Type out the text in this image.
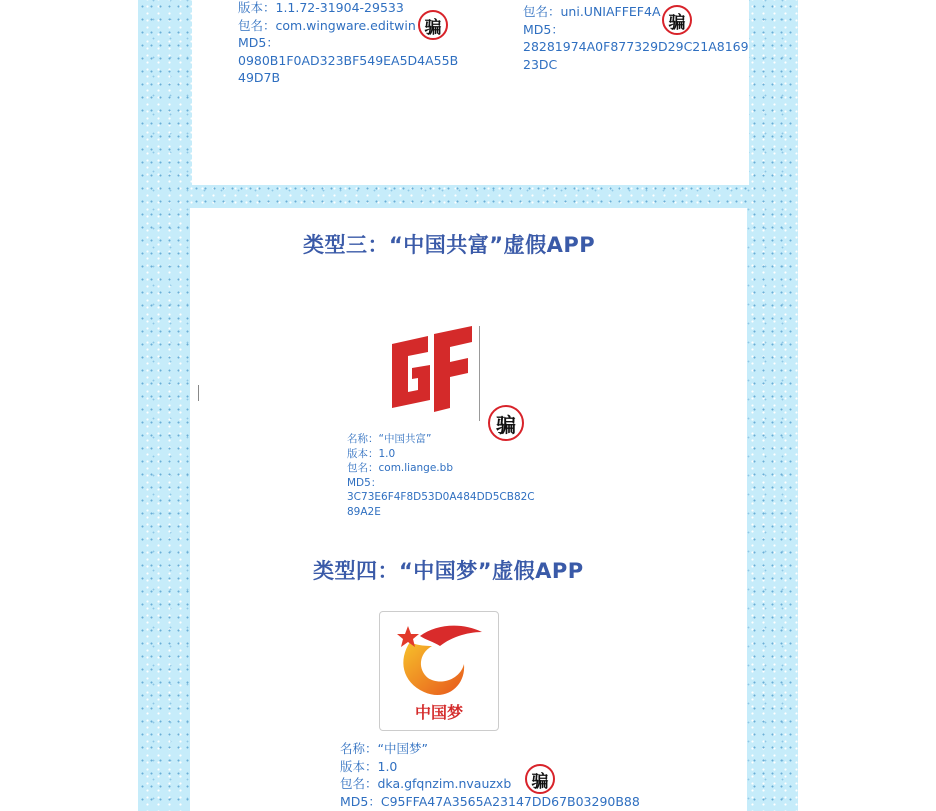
版本：1.1.72-31904-29533
包名：com.wingware.editwin
MD5：
0980B1F0AD323BF549EA5D4A55B
49D7B
骗
包名：uni.UNIAFFEF4A
MD5：
28281974A0F877329D29C21A8169
23DC
骗
类型三：“中国共富”虚假APP
骗
名称：“中国共富”
版本：1.0
包名：com.liange.bb
MD5：
3C73E6F4F8D53D0A484DD5CB82C
89A2E
类型四：“中国梦”虚假APP
中国梦
名称：“中国梦”
版本：1.0
包名：dka.gfqnzim.nvauzxb
MD5：C95FFA47A3565A23147DD67B03290B88
骗
